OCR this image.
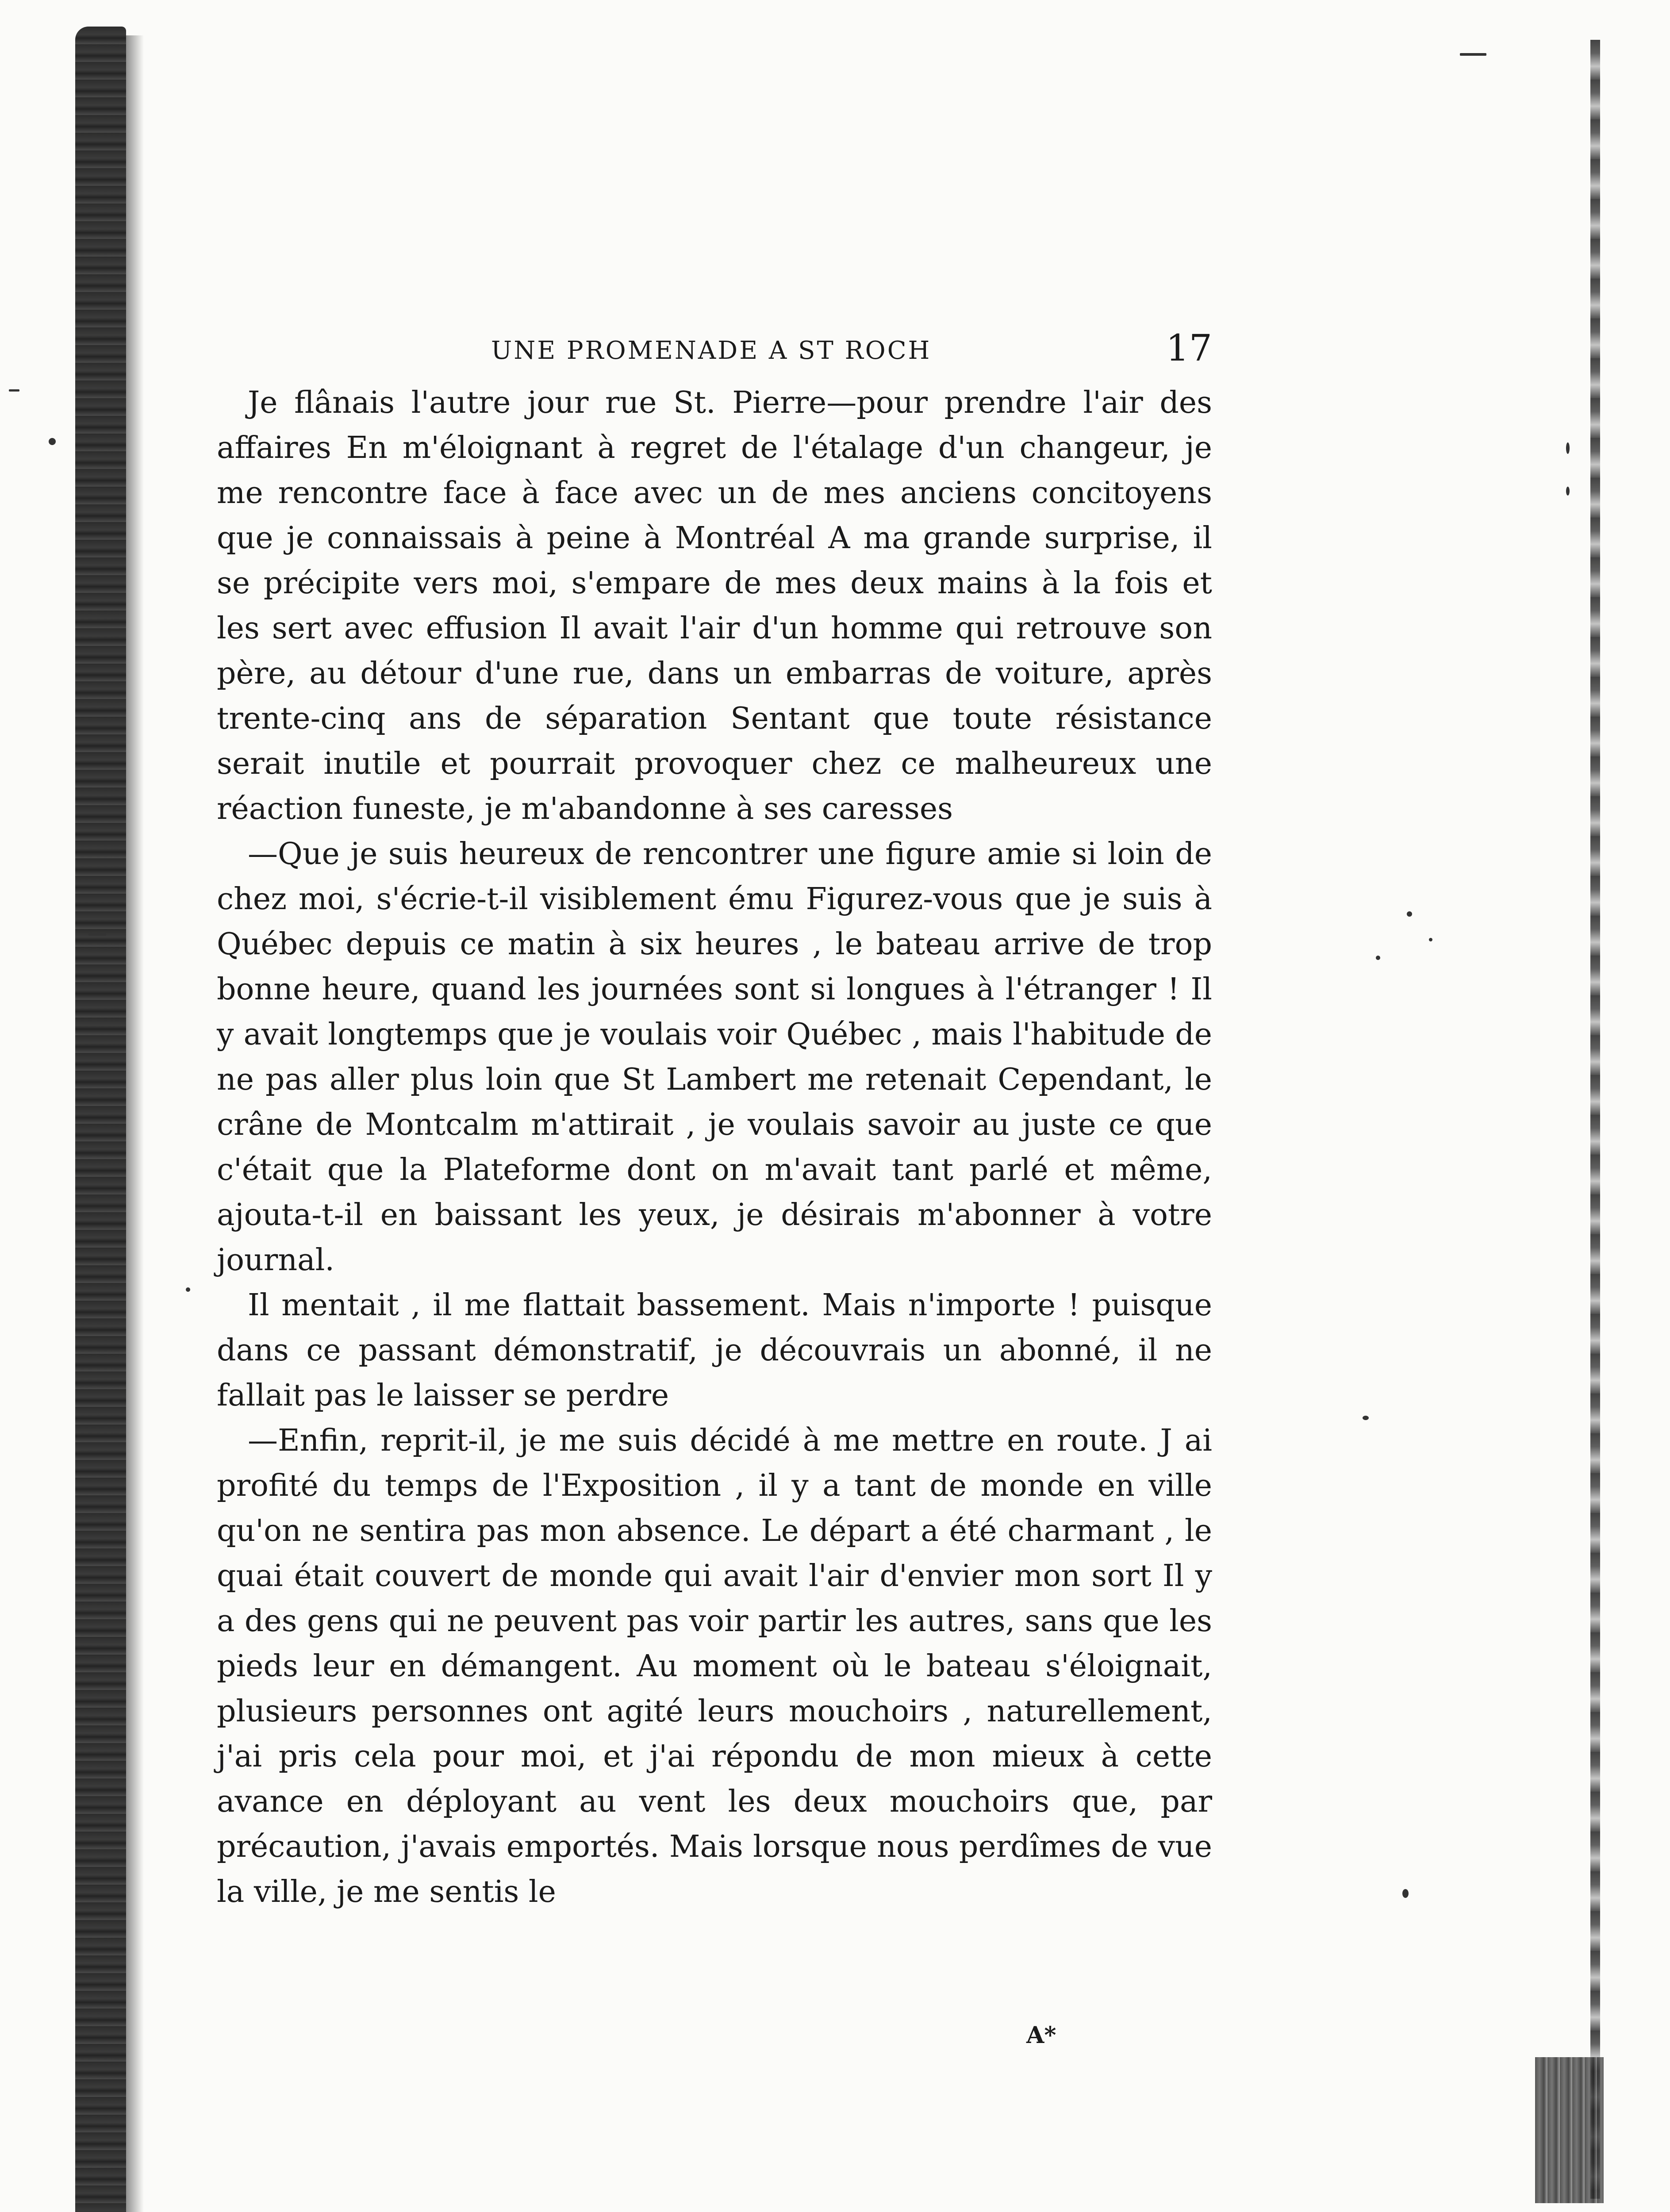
UNE PROMENADE A ST ROCH	17

Je flânais l'autre jour rue St. Pierre—pour prendre l'air des affaires En m'éloignant à regret de l'étalage d'un changeur, je me rencontre face à face avec un de mes anciens concitoyens que je connaissais à peine à Montréal A ma grande surprise, il se précipite vers moi, s'empare de mes deux mains à la fois et les sert avec effusion Il avait l'air d'un homme qui retrouve son père, au détour d'une rue, dans un embarras de voiture, après trente-cinq ans de séparation Sentant que toute résistance serait inutile et pourrait provoquer chez ce malheureux une réaction funeste, je m'abandonne à ses caresses

—Que je suis heureux de rencontrer une figure amie si loin de chez moi, s'écrie-t-il visiblement ému Figurez-vous que je suis à Québec depuis ce matin à six heures , le bateau arrive de trop bonne heure, quand les journées sont si longues à l'étranger ! Il y avait longtemps que je voulais voir Québec , mais l'habitude de ne pas aller plus loin que St Lambert me retenait Cependant, le crâne de Montcalm m'attirait , je voulais savoir au juste ce que c'était que la Plateforme dont on m'avait tant parlé et même, ajouta-t-il en baissant les yeux, je désirais m'abonner à votre journal.

Il mentait , il me flattait bassement. Mais n'importe ! puisque dans ce passant démonstratif, je découvrais un abonné, il ne fallait pas le laisser se perdre

—Enfin, reprit-il, je me suis décidé à me mettre en route. J ai profité du temps de l'Exposition , il y a tant de monde en ville qu'on ne sentira pas mon absence. Le départ a été charmant , le quai était couvert de monde qui avait l'air d'envier mon sort Il y a des gens qui ne peuvent pas voir partir les autres, sans que les pieds leur en démangent. Au moment où le bateau s'éloignait, plusieurs personnes ont agité leurs mouchoirs , naturellement, j'ai pris cela pour moi, et j'ai répondu de mon mieux à cette avance en déployant au vent les deux mouchoirs que, par précaution, j'avais emportés. Mais lorsque nous perdîmes de vue la ville, je me sentis le

A*
